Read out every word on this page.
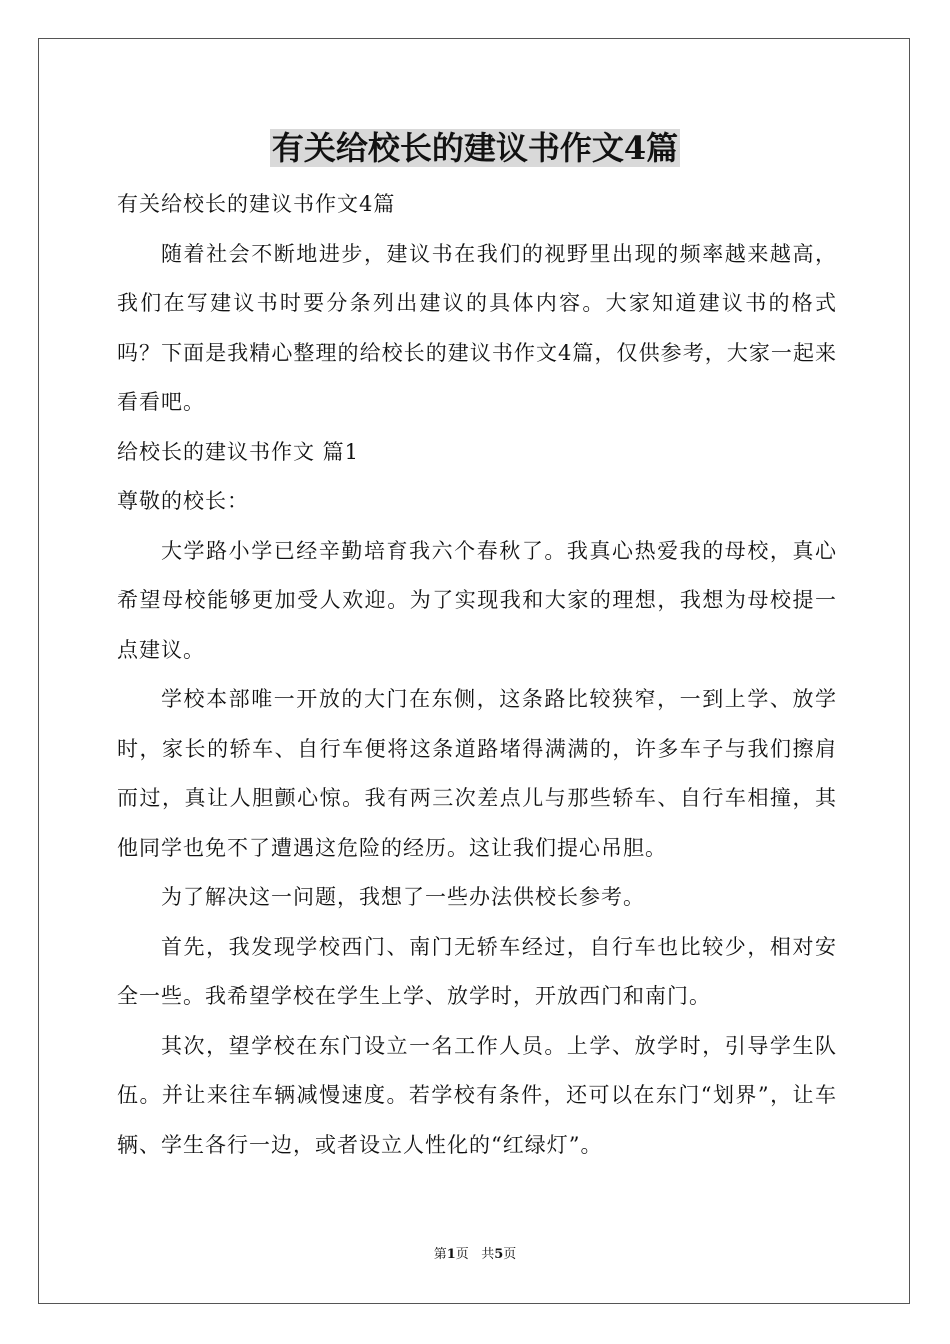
有关给校长的建议书作文4篇

有关给校长的建议书作文4篇

随着社会不断地进步，建议书在我们的视野里出现的频率越来越高，我们在写建议书时要分条列出建议的具体内容。大家知道建议书的格式吗？下面是我精心整理的给校长的建议书作文4篇，仅供参考，大家一起来看看吧。

给校长的建议书作文 篇1

尊敬的校长：

大学路小学已经辛勤培育我六个春秋了。我真心热爱我的母校，真心希望母校能够更加受人欢迎。为了实现我和大家的理想，我想为母校提一点建议。

学校本部唯一开放的大门在东侧，这条路比较狭窄，一到上学、放学时，家长的轿车、自行车便将这条道路堵得满满的，许多车子与我们擦肩而过，真让人胆颤心惊。我有两三次差点儿与那些轿车、自行车相撞，其他同学也免不了遭遇这危险的经历。这让我们提心吊胆。

为了解决这一问题，我想了一些办法供校长参考。

首先，我发现学校西门、南门无轿车经过，自行车也比较少，相对安全一些。我希望学校在学生上学、放学时，开放西门和南门。

其次，望学校在东门设立一名工作人员。上学、放学时，引导学生队伍。并让来往车辆减慢速度。若学校有条件，还可以在东门“划界”，让车辆、学生各行一边，或者设立人性化的“红绿灯”。

第1页 共5页
